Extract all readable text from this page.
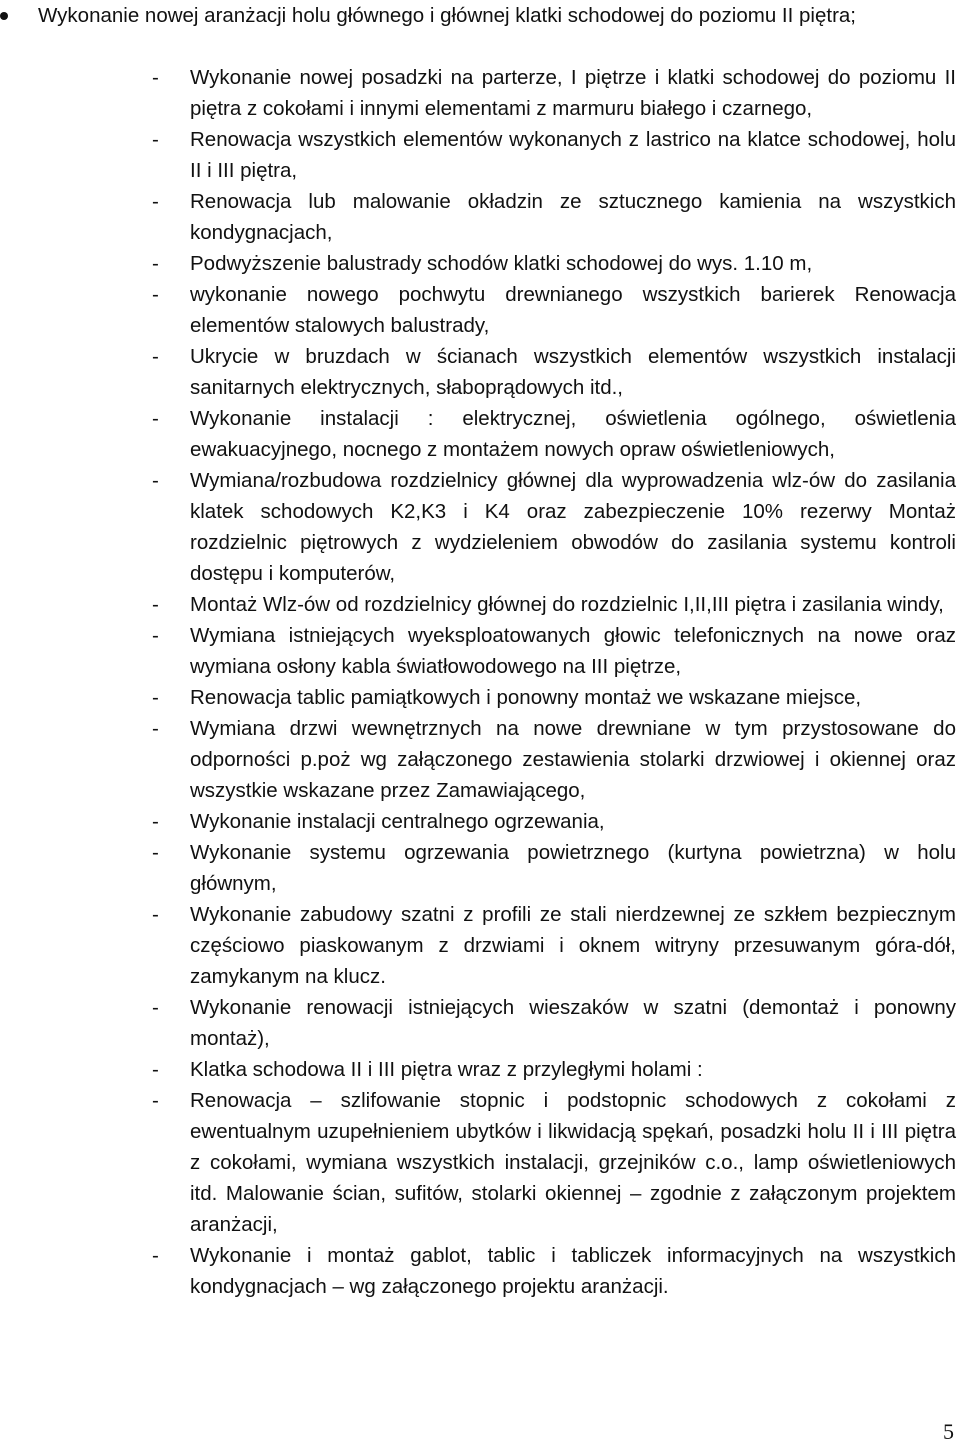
Wykonanie nowej aranżacji holu głównego i głównej klatki schodowej do poziomu II piętra;
- Wykonanie nowej posadzki na parterze, I piętrze i klatki schodowej do poziomu II piętra z cokołami i innymi elementami z marmuru białego i czarnego,
- Renowacja wszystkich elementów wykonanych z lastrico na klatce schodowej, holu II i III piętra,
- Renowacja lub malowanie okładzin ze sztucznego kamienia na wszystkich kondygnacjach,
- Podwyższenie balustrady schodów klatki schodowej do wys. 1.10 m,
- wykonanie nowego pochwytu drewnianego wszystkich barierek Renowacja elementów stalowych balustrady,
- Ukrycie w bruzdach w ścianach wszystkich elementów wszystkich instalacji sanitarnych elektrycznych, słaboprądowych itd.,
- Wykonanie instalacji : elektrycznej, oświetlenia ogólnego, oświetlenia ewakuacyjnego, nocnego z montażem nowych opraw oświetleniowych,
- Wymiana/rozbudowa rozdzielnicy głównej dla wyprowadzenia wlz-ów do zasilania klatek schodowych K2,K3 i K4 oraz zabezpieczenie 10% rezerwy Montaż rozdzielnic piętrowych z wydzieleniem obwodów do zasilania systemu kontroli dostępu i komputerów,
- Montaż Wlz-ów od rozdzielnicy głównej do rozdzielnic I,II,III piętra i zasilania windy,
- Wymiana istniejących wyeksploatowanych głowic telefonicznych na nowe oraz wymiana osłony kabla światłowodowego na III piętrze,
- Renowacja tablic pamiątkowych i ponowny montaż we wskazane miejsce,
- Wymiana drzwi wewnętrznych na nowe drewniane w tym przystosowane do odporności p.poż wg załączonego zestawienia stolarki drzwiowej i okiennej oraz wszystkie wskazane przez Zamawiającego,
- Wykonanie instalacji centralnego ogrzewania,
- Wykonanie systemu ogrzewania powietrznego (kurtyna powietrzna) w holu głównym,
- Wykonanie zabudowy szatni z profili ze stali nierdzewnej ze szkłem bezpiecznym częściowo piaskowanym z drzwiami i oknem witryny przesuwanym góra-dół, zamykanym na klucz.
- Wykonanie renowacji istniejących wieszaków w szatni (demontaż i ponowny montaż),
- Klatka schodowa II i III piętra wraz z przyległymi holami :
- Renowacja – szlifowanie stopnic i podstopnic schodowych z cokołami z ewentualnym uzupełnieniem ubytków i likwidacją spękań, posadzki holu II i III piętra z cokołami, wymiana wszystkich instalacji, grzejników c.o., lamp oświetleniowych itd. Malowanie ścian, sufitów, stolarki okiennej – zgodnie z załączonym projektem aranżacji,
- Wykonanie i montaż gablot, tablic i tabliczek informacyjnych na wszystkich kondygnacjach – wg załączonego projektu aranżacji.
5
